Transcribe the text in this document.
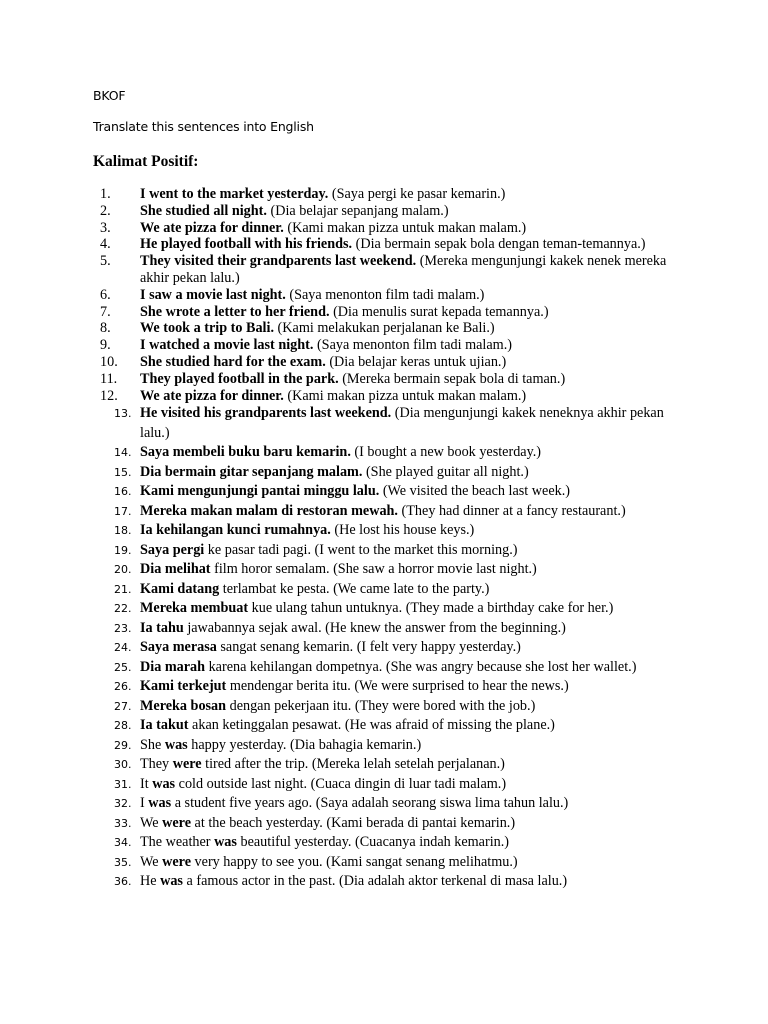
BKOF
Translate this sentences into English
Kalimat Positif:
1.	I went to the market yesterday. (Saya pergi ke pasar kemarin.)
2.	She studied all night. (Dia belajar sepanjang malam.)
3.	We ate pizza for dinner. (Kami makan pizza untuk makan malam.)
4.	He played football with his friends. (Dia bermain sepak bola dengan teman-temannya.)
5.	They visited their grandparents last weekend. (Mereka mengunjungi kakek nenek mereka akhir pekan lalu.)
6.	I saw a movie last night. (Saya menonton film tadi malam.)
7.	She wrote a letter to her friend. (Dia menulis surat kepada temannya.)
8.	We took a trip to Bali. (Kami melakukan perjalanan ke Bali.)
9.	I watched a movie last night. (Saya menonton film tadi malam.)
10.	She studied hard for the exam. (Dia belajar keras untuk ujian.)
11.	They played football in the park. (Mereka bermain sepak bola di taman.)
12.	We ate pizza for dinner. (Kami makan pizza untuk makan malam.)
13. He visited his grandparents last weekend. (Dia mengunjungi kakek neneknya akhir pekan lalu.)
14. Saya membeli buku baru kemarin. (I bought a new book yesterday.)
15. Dia bermain gitar sepanjang malam. (She played guitar all night.)
16. Kami mengunjungi pantai minggu lalu. (We visited the beach last week.)
17. Mereka makan malam di restoran mewah. (They had dinner at a fancy restaurant.)
18. Ia kehilangan kunci rumahnya. (He lost his house keys.)
19. Saya pergi ke pasar tadi pagi. (I went to the market this morning.)
20. Dia melihat film horor semalam. (She saw a horror movie last night.)
21. Kami datang terlambat ke pesta. (We came late to the party.)
22. Mereka membuat kue ulang tahun untuknya. (They made a birthday cake for her.)
23. Ia tahu jawabannya sejak awal. (He knew the answer from the beginning.)
24. Saya merasa sangat senang kemarin. (I felt very happy yesterday.)
25. Dia marah karena kehilangan dompetnya. (She was angry because she lost her wallet.)
26. Kami terkejut mendengar berita itu. (We were surprised to hear the news.)
27. Mereka bosan dengan pekerjaan itu. (They were bored with the job.)
28. Ia takut akan ketinggalan pesawat. (He was afraid of missing the plane.)
29. She was happy yesterday. (Dia bahagia kemarin.)
30. They were tired after the trip. (Mereka lelah setelah perjalanan.)
31. It was cold outside last night. (Cuaca dingin di luar tadi malam.)
32. I was a student five years ago. (Saya adalah seorang siswa lima tahun lalu.)
33. We were at the beach yesterday. (Kami berada di pantai kemarin.)
34. The weather was beautiful yesterday. (Cuacanya indah kemarin.)
35. We were very happy to see you. (Kami sangat senang melihatmu.)
36. He was a famous actor in the past. (Dia adalah aktor terkenal di masa lalu.)
